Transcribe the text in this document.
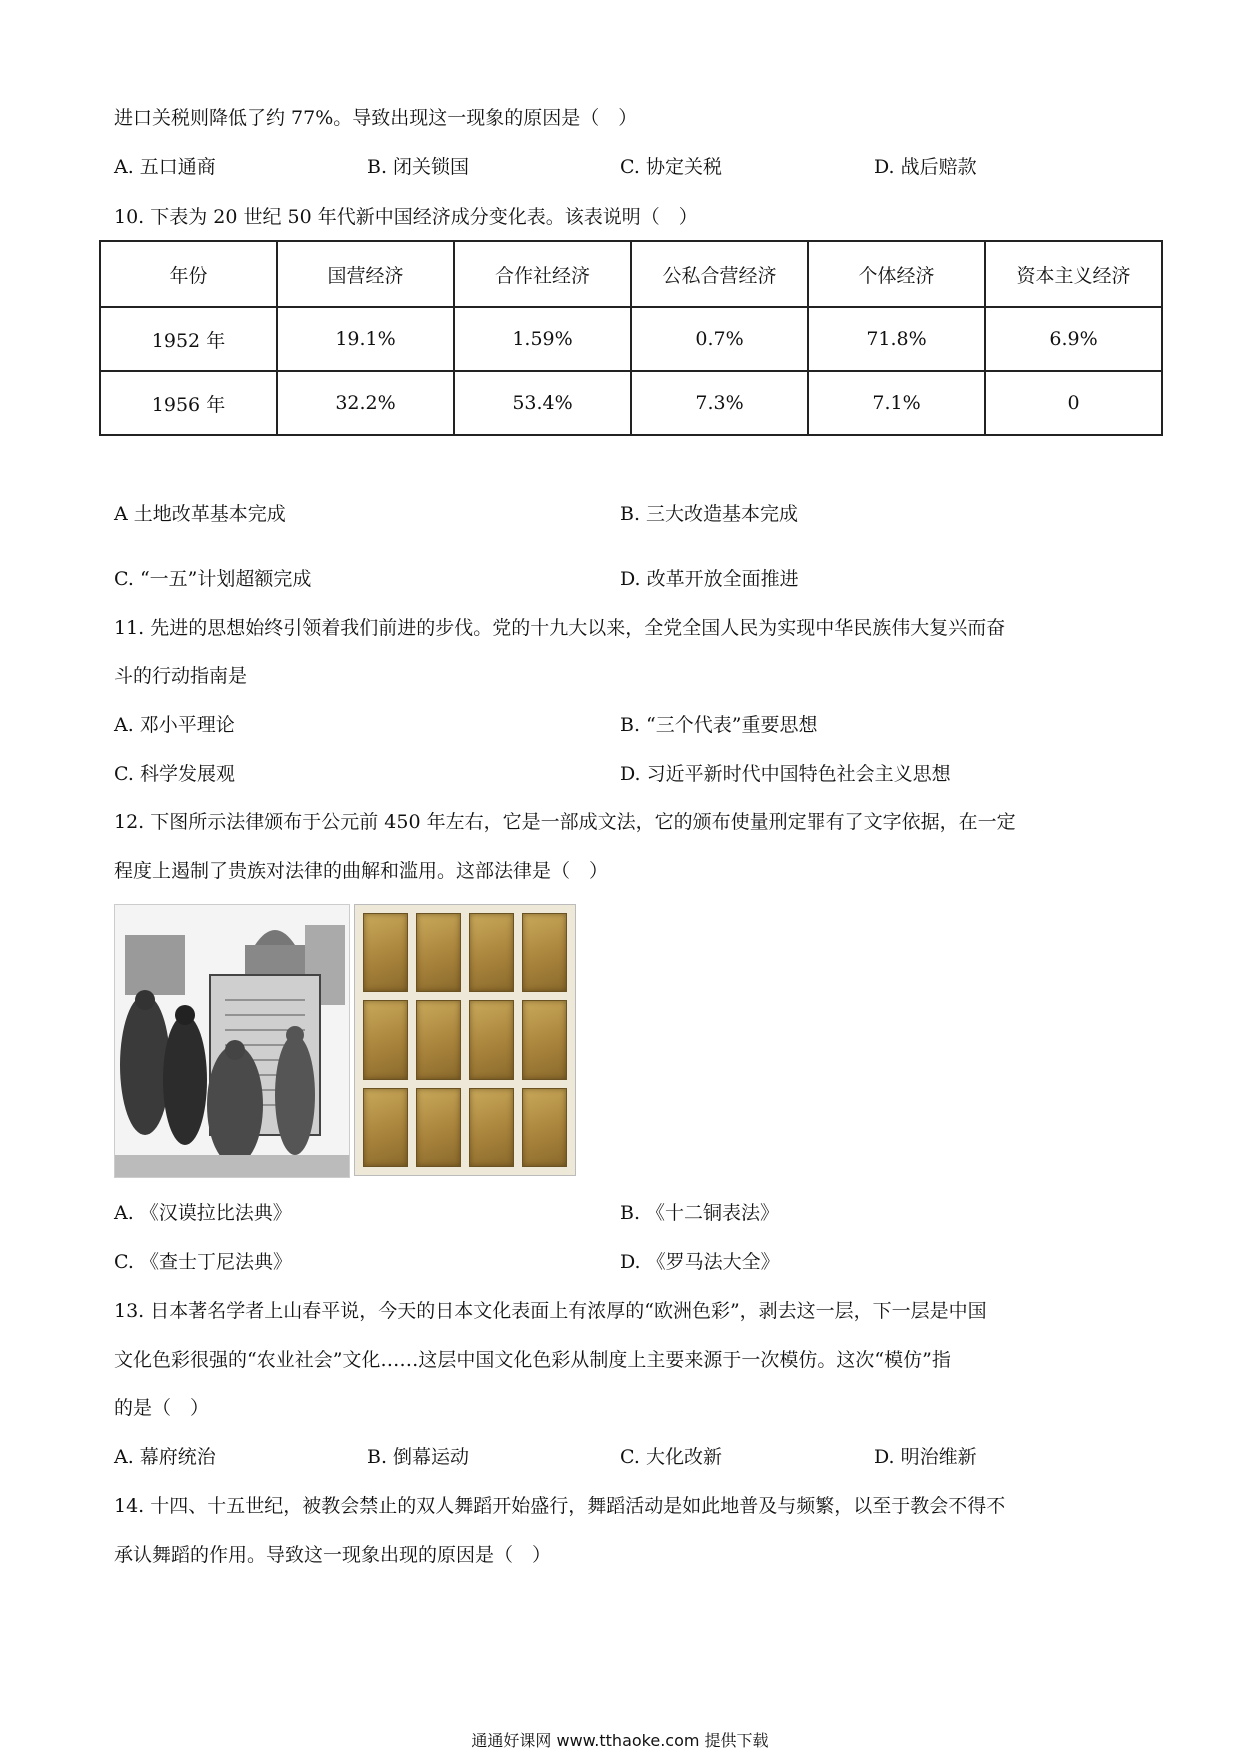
进口关税则降低了约 77%。导致出现这一现象的原因是（　）
A. 五口通商	B. 闭关锁国	C. 协定关税	D. 战后赔款
10. 下表为 20 世纪 50 年代新中国经济成分变化表。该表说明（　）
年份	国营经济	合作社经济	公私合营经济	个体经济	资本主义经济
1952 年	19.1%	1.59%	0.7%	71.8%	6.9%
1956 年	32.2%	53.4%	7.3%	7.1%	0
A 土地改革基本完成	B. 三大改造基本完成
C. “一五”计划超额完成	D. 改革开放全面推进
11. 先进的思想始终引领着我们前进的步伐。党的十九大以来，全党全国人民为实现中华民族伟大复兴而奋
斗的行动指南是
A. 邓小平理论	B. “三个代表”重要思想
C. 科学发展观	D. 习近平新时代中国特色社会主义思想
12. 下图所示法律颁布于公元前 450 年左右，它是一部成文法，它的颁布使量刑定罪有了文字依据，在一定
程度上遏制了贵族对法律的曲解和滥用。这部法律是（　）
A. 《汉谟拉比法典》	B. 《十二铜表法》
C. 《查士丁尼法典》	D. 《罗马法大全》
13. 日本著名学者上山春平说，今天的日本文化表面上有浓厚的“欧洲色彩”，剥去这一层，下一层是中国
文化色彩很强的“农业社会”文化……这层中国文化色彩从制度上主要来源于一次模仿。这次“模仿”指
的是（　）
A. 幕府统治	B. 倒幕运动	C. 大化改新	D. 明治维新
14. 十四、十五世纪，被教会禁止的双人舞蹈开始盛行，舞蹈活动是如此地普及与频繁，以至于教会不得不
承认舞蹈的作用。导致这一现象出现的原因是（　）
通通好课网 www.tthaoke.com 提供下载
